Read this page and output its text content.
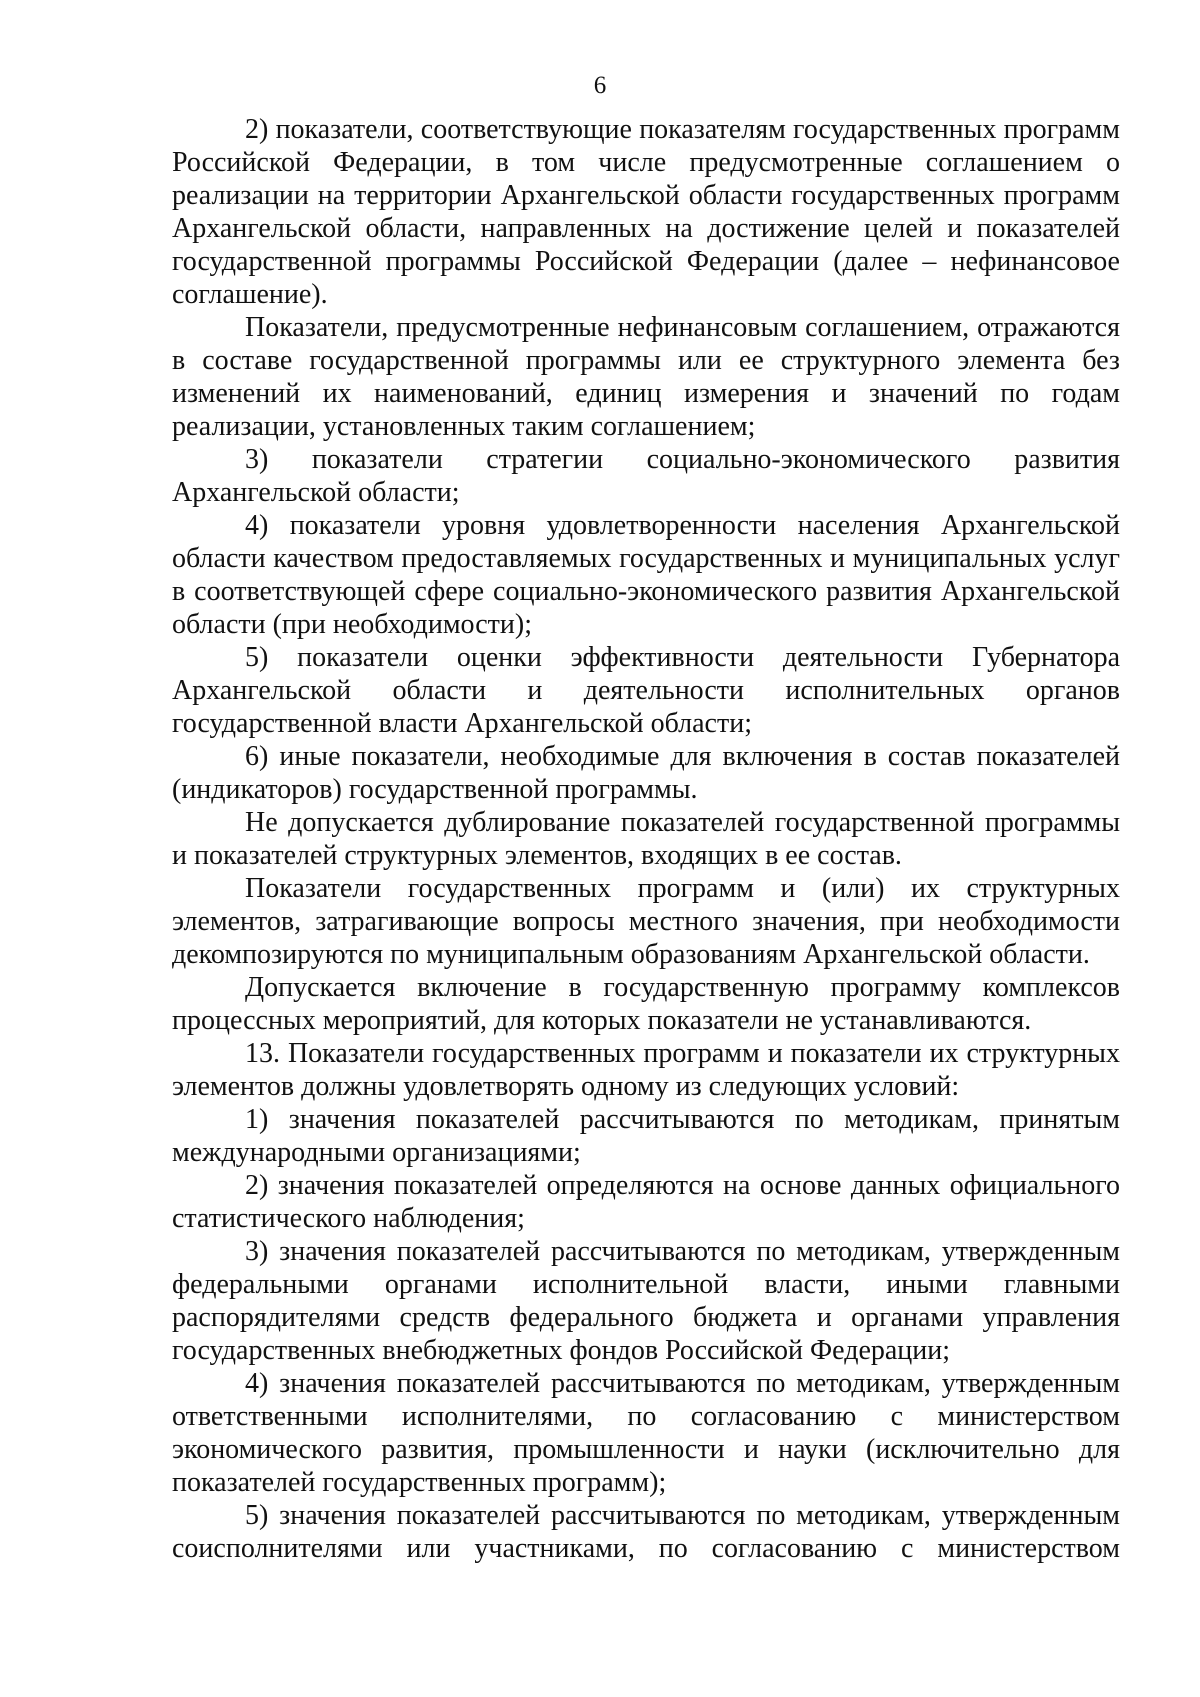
6

2) показатели, соответствующие показателям государственных программ Российской Федерации, в том числе предусмотренные соглашением о реализации на территории Архангельской области государственных программ Архангельской области, направленных на достижение целей и показателей государственной программы Российской Федерации (далее – нефинансовое соглашение).

Показатели, предусмотренные нефинансовым соглашением, отражаются в составе государственной программы или ее структурного элемента без изменений их наименований, единиц измерения и значений по годам реализации, установленных таким соглашением;

3) показатели стратегии социально-экономического развития Архангельской области;

4) показатели уровня удовлетворенности населения Архангельской области качеством предоставляемых государственных и муниципальных услуг в соответствующей сфере социально-экономического развития Архангельской области (при необходимости);

5) показатели оценки эффективности деятельности Губернатора Архангельской области и деятельности исполнительных органов государственной власти Архангельской области;

6) иные показатели, необходимые для включения в состав показателей (индикаторов) государственной программы.

Не допускается дублирование показателей государственной программы и показателей структурных элементов, входящих в ее состав.

Показатели государственных программ и (или) их структурных элементов, затрагивающие вопросы местного значения, при необходимости декомпозируются по муниципальным образованиям Архангельской области.

Допускается включение в государственную программу комплексов процессных мероприятий, для которых показатели не устанавливаются.

13. Показатели государственных программ и показатели их структурных элементов должны удовлетворять одному из следующих условий:

1) значения показателей рассчитываются по методикам, принятым международными организациями;

2) значения показателей определяются на основе данных официального статистического наблюдения;

3) значения показателей рассчитываются по методикам, утвержденным федеральными органами исполнительной власти, иными главными распорядителями средств федерального бюджета и органами управления государственных внебюджетных фондов Российской Федерации;

4) значения показателей рассчитываются по методикам, утвержденным ответственными исполнителями, по согласованию с министерством экономического развития, промышленности и науки (исключительно для показателей государственных программ);

5) значения показателей рассчитываются по методикам, утвержденным соисполнителями или участниками, по согласованию с министерством
